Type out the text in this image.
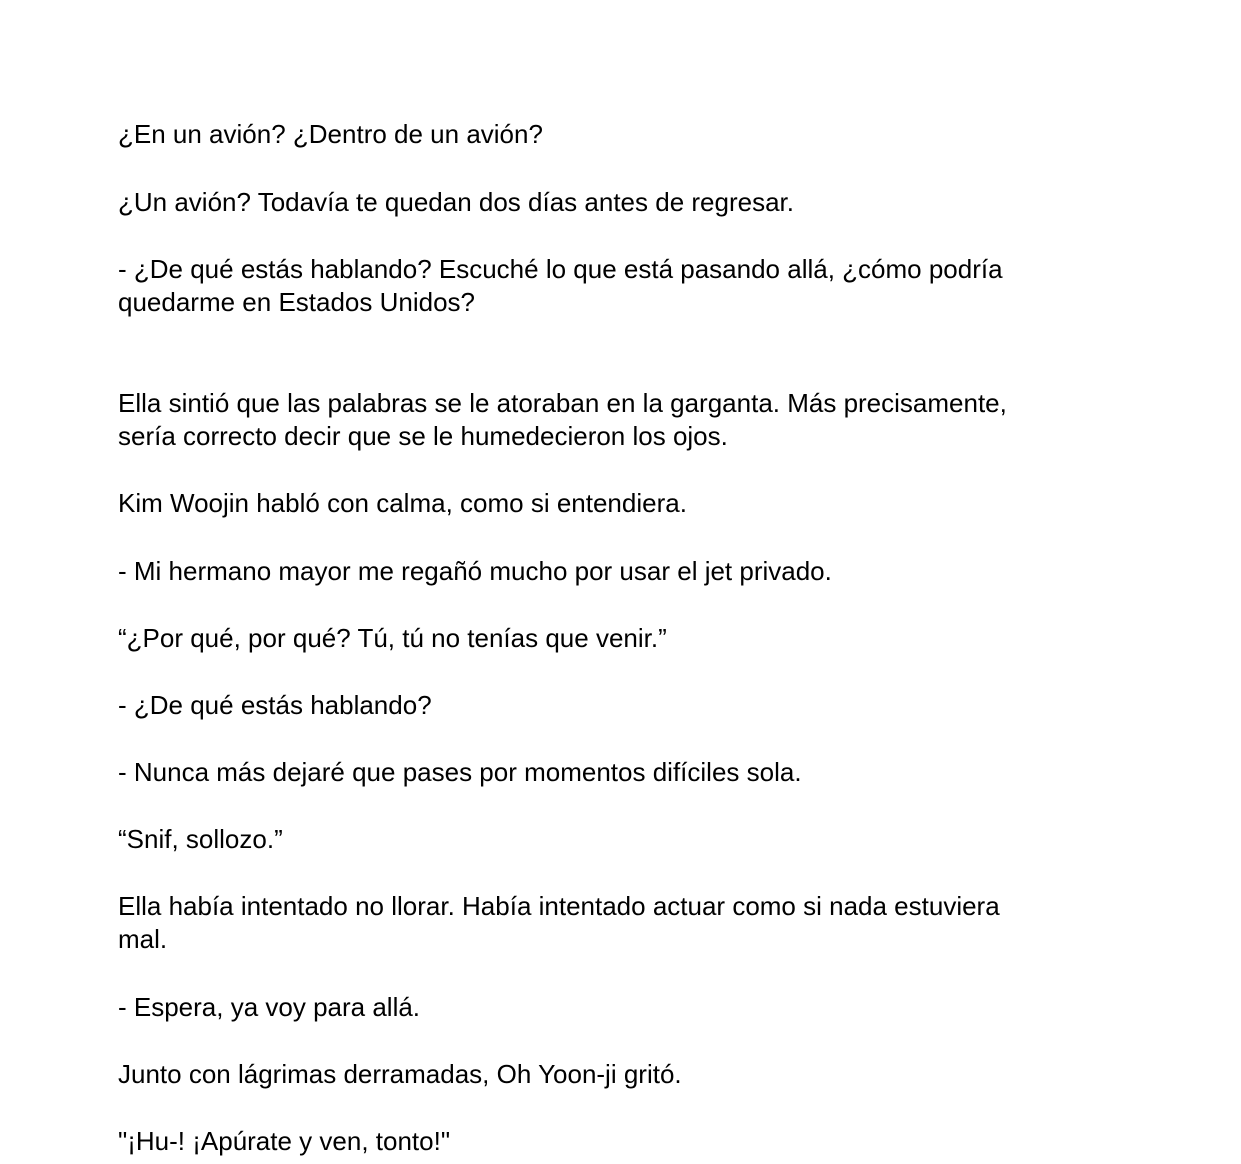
¿En un avión? ¿Dentro de un avión?

¿Un avión? Todavía te quedan dos días antes de regresar.

- ¿De qué estás hablando? Escuché lo que está pasando allá, ¿cómo podría
quedarme en Estados Unidos?

Ella sintió que las palabras se le atoraban en la garganta. Más precisamente,
sería correcto decir que se le humedecieron los ojos.

Kim Woojin habló con calma, como si entendiera.

- Mi hermano mayor me regañó mucho por usar el jet privado.

“¿Por qué, por qué? Tú, tú no tenías que venir.”

- ¿De qué estás hablando?

- Nunca más dejaré que pases por momentos difíciles sola.

“Snif, sollozo.”

Ella había intentado no llorar. Había intentado actuar como si nada estuviera
mal.

- Espera, ya voy para allá.

Junto con lágrimas derramadas, Oh Yoon-ji gritó.

"¡Hu-! ¡Apúrate y ven, tonto!"
